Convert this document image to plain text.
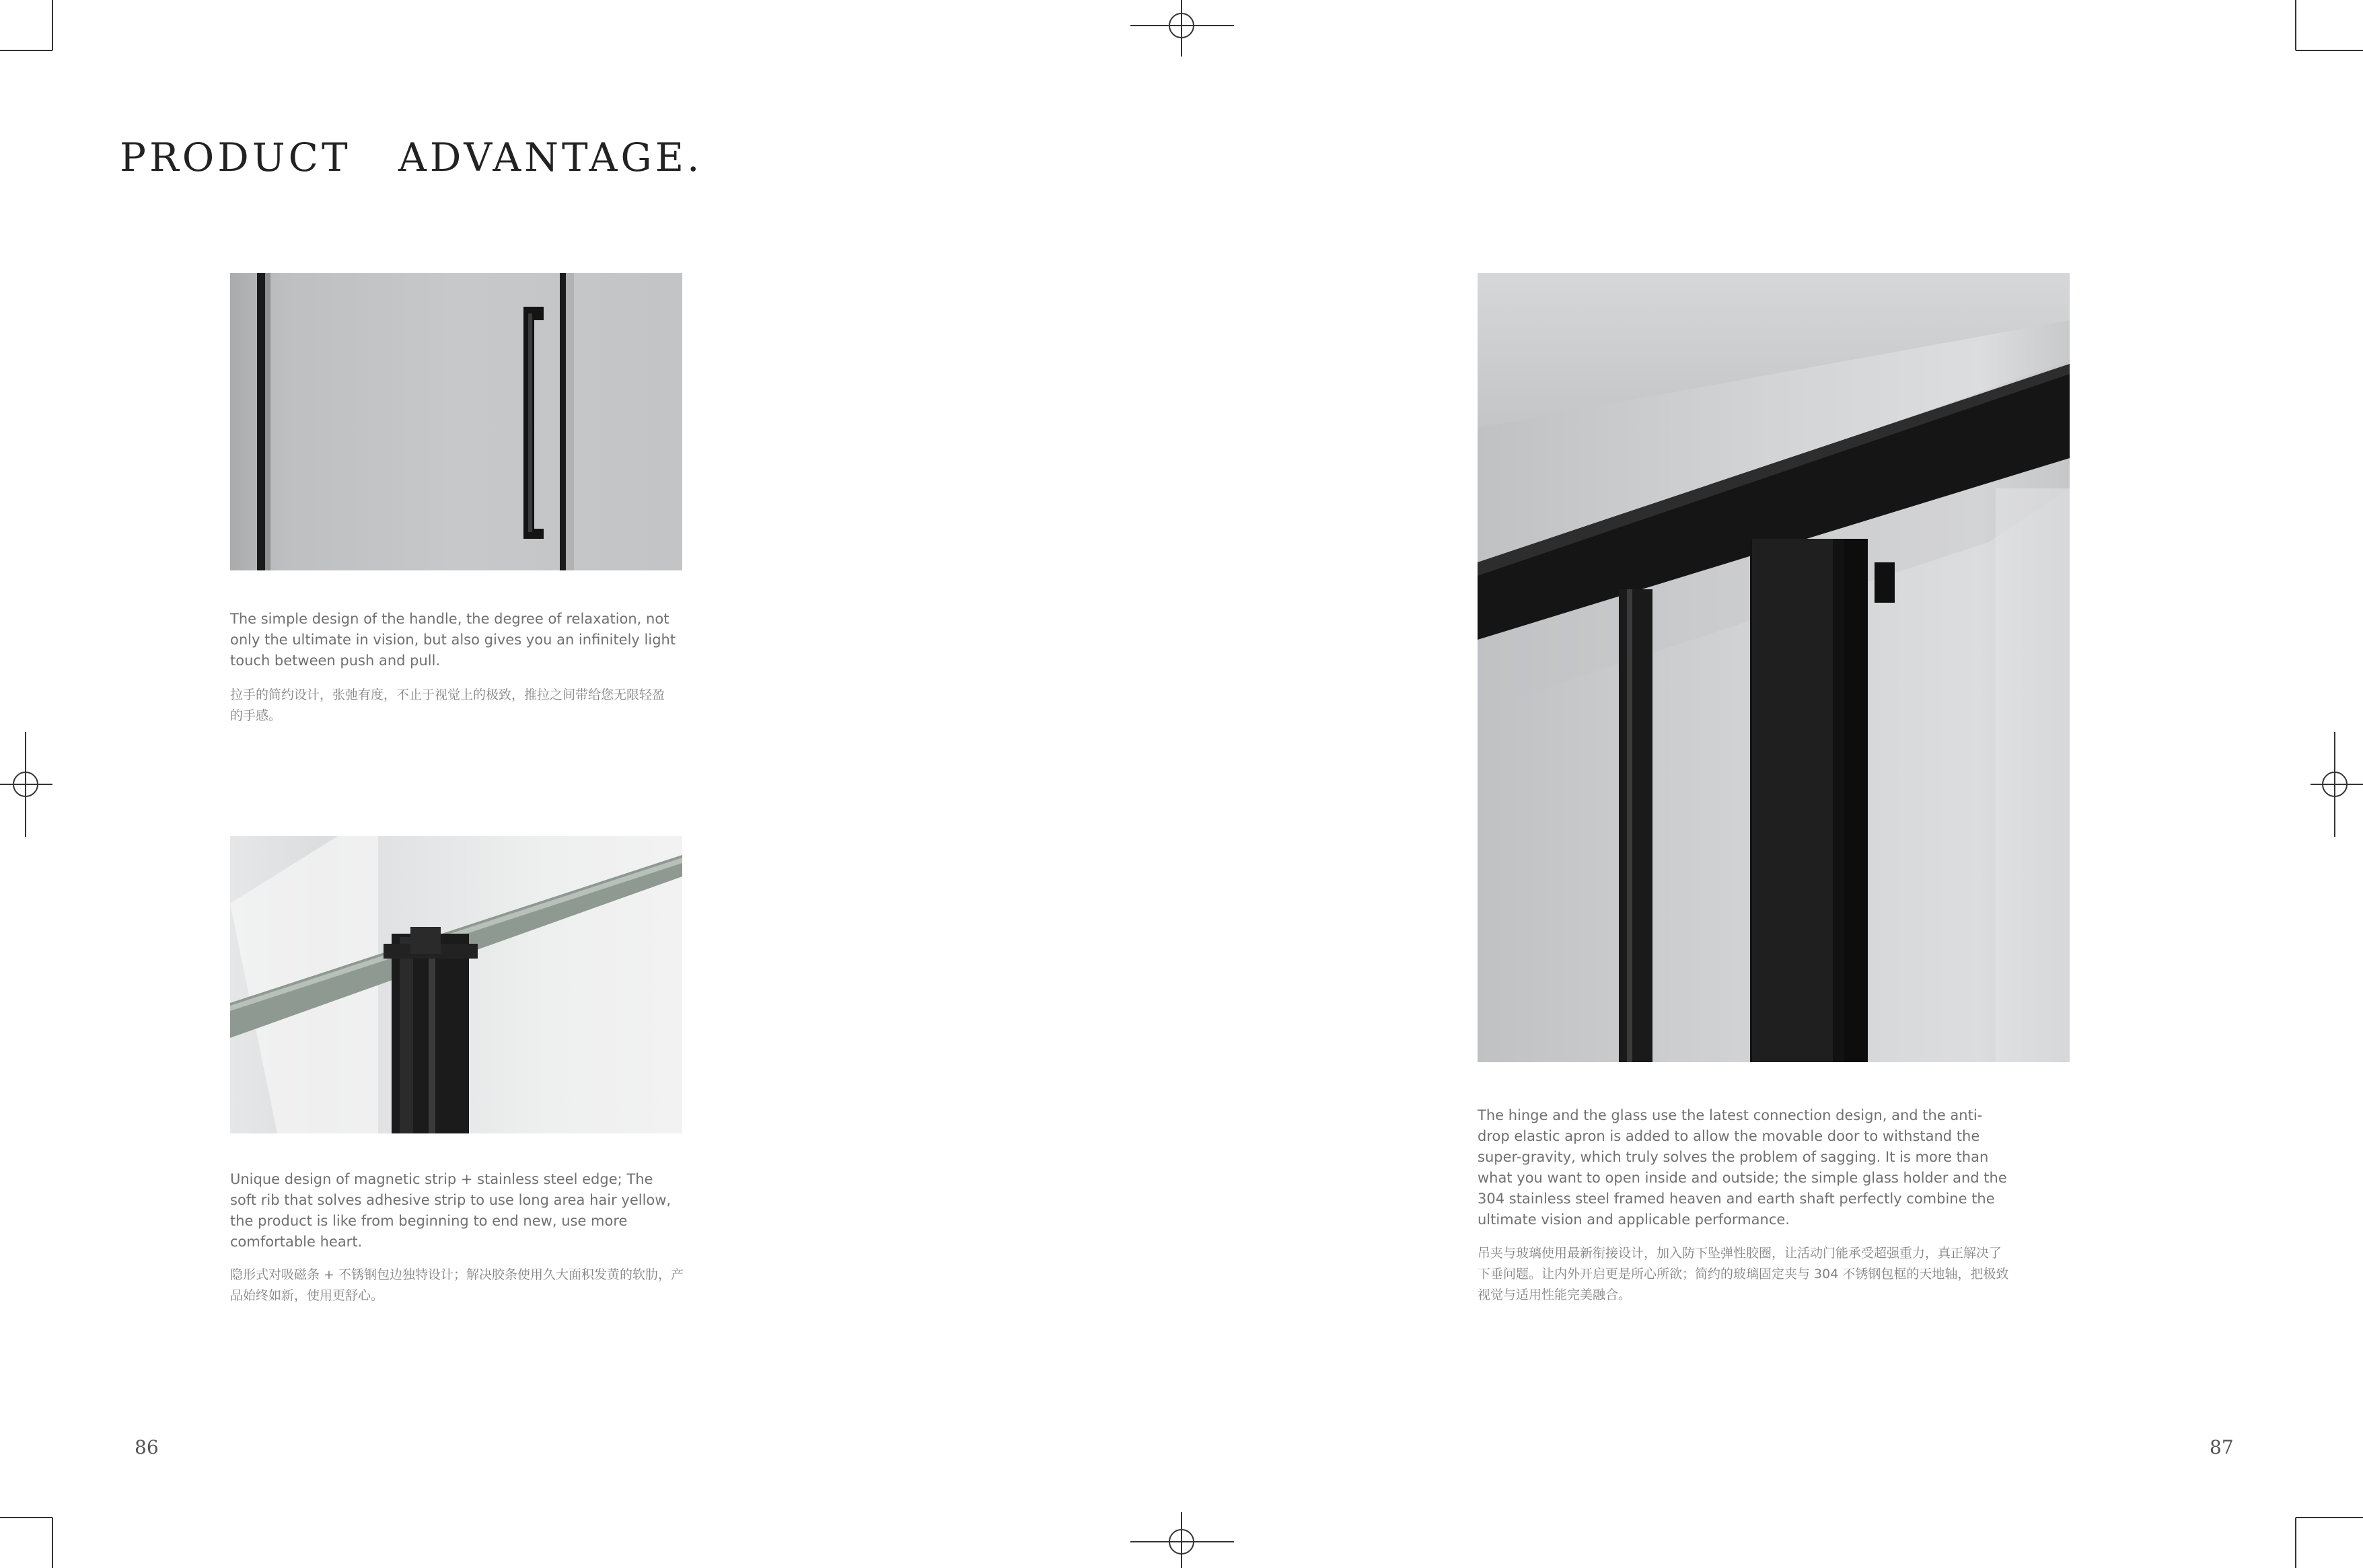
PRODUCT ADVANTAGE.
The simple design of the handle, the degree of relaxation, not only the ultimate in vision, but also gives you an infinitely light touch between push and pull.
拉手的简约设计，张弛有度，不止于视觉上的极致，推拉之间带给您无限轻盈的手感。
Unique design of magnetic strip + stainless steel edge; The soft rib that solves adhesive strip to use long area hair yellow, the product is like from beginning to end new, use more comfortable heart.
隐形式对吸磁条 + 不锈钢包边独特设计；解决胶条使用久大面积发黄的软肋，产品始终如新，使用更舒心。
The hinge and the glass use the latest connection design, and the anti-drop elastic apron is added to allow the movable door to withstand the super-gravity, which truly solves the problem of sagging. It is more than what you want to open inside and outside; the simple glass holder and the 304 stainless steel framed heaven and earth shaft perfectly combine the ultimate vision and applicable performance.
吊夹与玻璃使用最新衔接设计，加入防下坠弹性胶圈，让活动门能承受超强重力，真正解决了下垂问题。让内外开启更是所心所欲；简约的玻璃固定夹与 304 不锈钢包框的天地轴，把极致视觉与适用性能完美融合。
86	87
